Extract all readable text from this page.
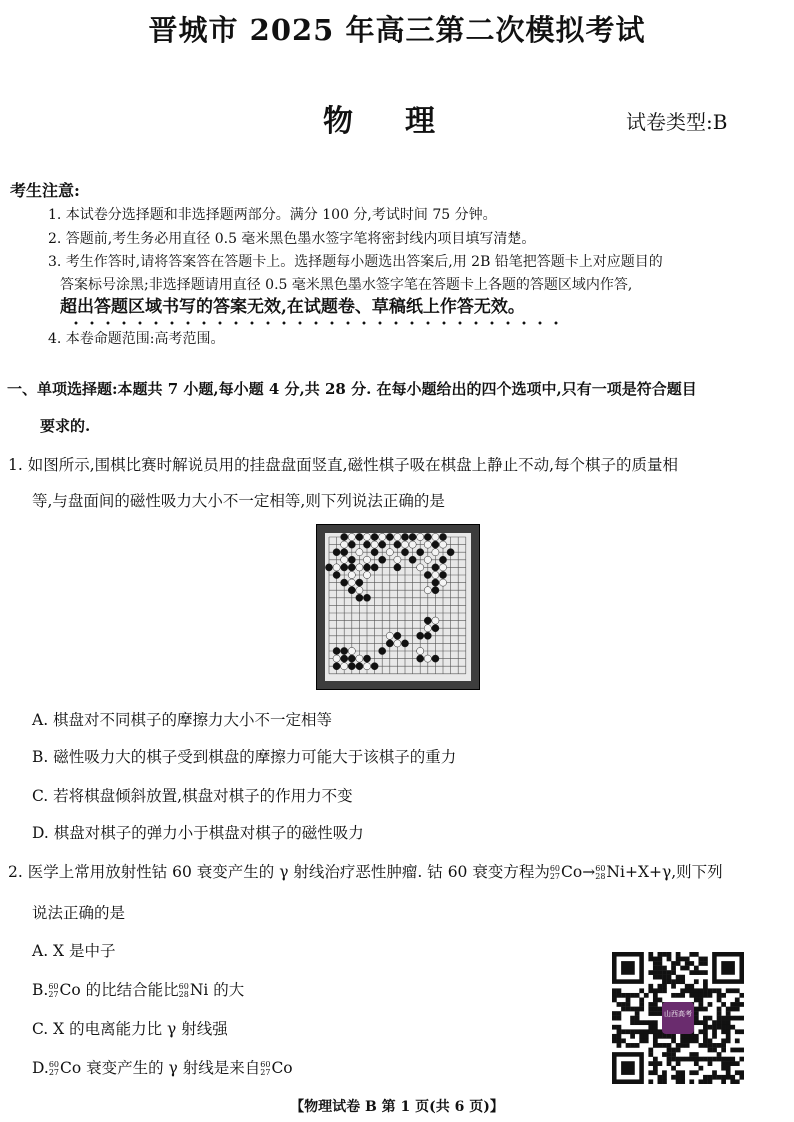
晋城市 2025 年高三第二次模拟考试
物理	试卷类型:B
考生注意:
1. 本试卷分选择题和非选择题两部分。满分 100 分,考试时间 75 分钟。
2. 答题前,考生务必用直径 0.5 毫米黑色墨水签字笔将密封线内项目填写清楚。
3. 考生作答时,请将答案答在答题卡上。选择题每小题选出答案后,用 2B 铅笔把答题卡上对应题目的
答案标号涂黑;非选择题请用直径 0.5 毫米黑色墨水签字笔在答题卡上各题的答题区域内作答,
超出答题区域书写的答案无效,在试题卷、草稿纸上作答无效。
4. 本卷命题范围:高考范围。
一、单项选择题:本题共 7 小题,每小题 4 分,共 28 分. 在每小题给出的四个选项中,只有一项是符合题目
要求的.
1. 如图所示,围棋比赛时解说员用的挂盘盘面竖直,磁性棋子吸在棋盘上静止不动,每个棋子的质量相
等,与盘面间的磁性吸力大小不一定相等,则下列说法正确的是
A. 棋盘对不同棋子的摩擦力大小不一定相等
B. 磁性吸力大的棋子受到棋盘的摩擦力可能大于该棋子的重力
C. 若将棋盘倾斜放置,棋盘对棋子的作用力不变
D. 棋盘对棋子的弹力小于棋盘对棋子的磁性吸力
2. 医学上常用放射性钴 60 衰变产生的 γ 射线治疗恶性肿瘤. 钴 60 衰变方程为 60
27 Co→ 60
28 Ni+X+γ,则下列
说法正确的是
A. X 是中子
B. 60
27 Co 的比结合能比 60
28 Ni 的大
C. X 的电离能力比 γ 射线强
D. 60
27 Co 衰变产生的 γ 射线是来自 60
27 Co
山西高考
【物理试卷 B 第 1 页(共 6 页)】
